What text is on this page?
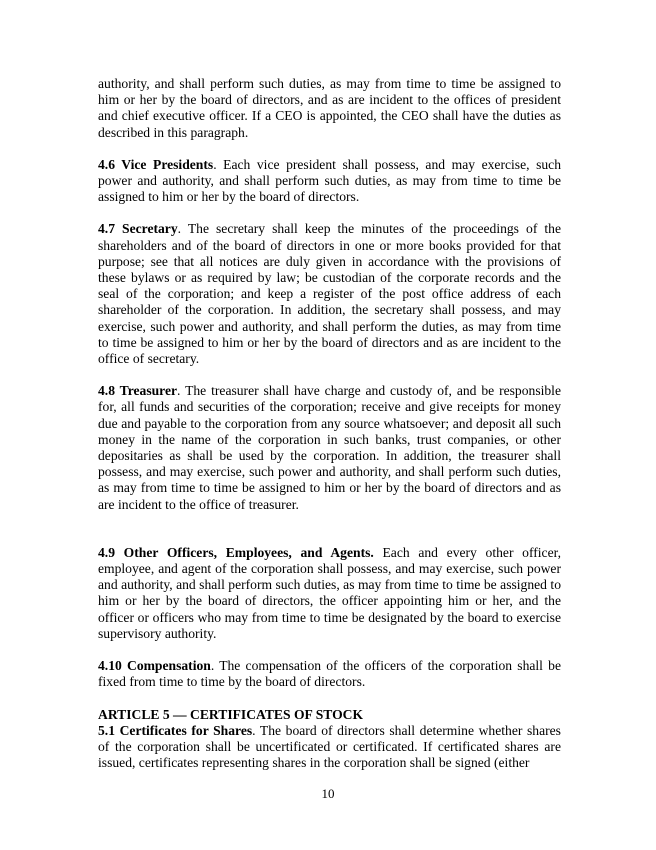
authority, and shall perform such duties, as may from time to time be assigned to him or her by the board of directors, and as are incident to the offices of president and chief executive officer. If a CEO is appointed, the CEO shall have the duties as described in this paragraph.

4.6 Vice Presidents. Each vice president shall possess, and may exercise, such power and authority, and shall perform such duties, as may from time to time be assigned to him or her by the board of directors.

4.7 Secretary. The secretary shall keep the minutes of the proceedings of the shareholders and of the board of directors in one or more books provided for that purpose; see that all notices are duly given in accordance with the provisions of these bylaws or as required by law; be custodian of the corporate records and the seal of the corporation; and keep a register of the post office address of each shareholder of the corporation. In addition, the secretary shall possess, and may exercise, such power and authority, and shall perform the duties, as may from time to time be assigned to him or her by the board of directors and as are incident to the office of secretary.

4.8 Treasurer. The treasurer shall have charge and custody of, and be responsible for, all funds and securities of the corporation; receive and give receipts for money due and payable to the corporation from any source whatsoever; and deposit all such money in the name of the corporation in such banks, trust companies, or other depositaries as shall be used by the corporation. In addition, the treasurer shall possess, and may exercise, such power and authority, and shall perform such duties, as may from time to time be assigned to him or her by the board of directors and as are incident to the office of treasurer.

4.9 Other Officers, Employees, and Agents. Each and every other officer, employee, and agent of the corporation shall possess, and may exercise, such power and authority, and shall perform such duties, as may from time to time be assigned to him or her by the board of directors, the officer appointing him or her, and the officer or officers who may from time to time be designated by the board to exercise supervisory authority.

4.10 Compensation. The compensation of the officers of the corporation shall be fixed from time to time by the board of directors.

ARTICLE 5 — CERTIFICATES OF STOCK

5.1 Certificates for Shares. The board of directors shall determine whether shares of the corporation shall be uncertificated or certificated. If certificated shares are issued, certificates representing shares in the corporation shall be signed (either

10
